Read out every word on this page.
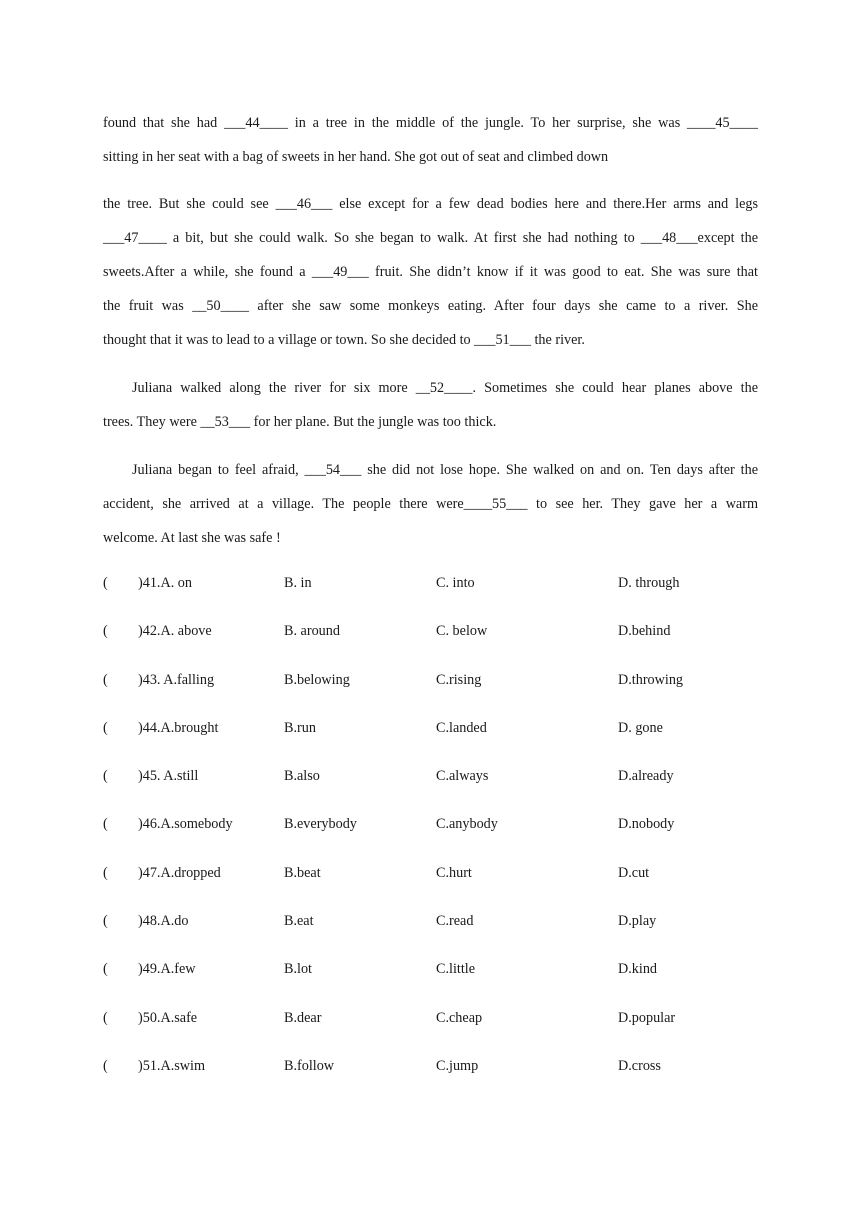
found that she had ___44____ in a tree in the middle of the jungle. To her surprise, she was ____45____
sitting in her seat with a bag of sweets in her hand. She got out of seat and climbed down
the tree. But she could see ___46___ else except for a few dead bodies here and there.Her arms and legs
___47____ a bit, but she could walk. So she began to walk. At first she had nothing to ___48___except the
sweets.After a while, she found a ___49___ fruit. She didn’t know if it was good to eat. She was sure that
the fruit was __50____ after she saw some monkeys eating. After four days she came to a river. She
thought that it was to lead to a village or town. So she decided to ___51___ the river.
Juliana walked along the river for six more __52____. Sometimes she could hear planes above the
trees. They were __53___ for her plane. But the jungle was too thick.
Juliana began to feel afraid, ___54___ she did not lose hope. She walked on and on. Ten days after the
accident, she arrived at a village. The people there were____55___ to see her. They gave her a warm
welcome. At last she was safe !
( )41.A. on	B. in	C. into	D. through
( )42.A. above	B. around	C. below	D.behind
( )43. A.falling	B.belowing	C.rising	D.throwing
( )44.A.brought	B.run	C.landed	D. gone
( )45. A.still	B.also	C.always	D.already
( )46.A.somebody	B.everybody	C.anybody	D.nobody
( )47.A.dropped	B.beat	C.hurt	D.cut
( )48.A.do	B.eat	C.read	D.play
( )49.A.few	B.lot	C.little	D.kind
( )50.A.safe	B.dear	C.cheap	D.popular
( )51.A.swim	B.follow	C.jump	D.cross
